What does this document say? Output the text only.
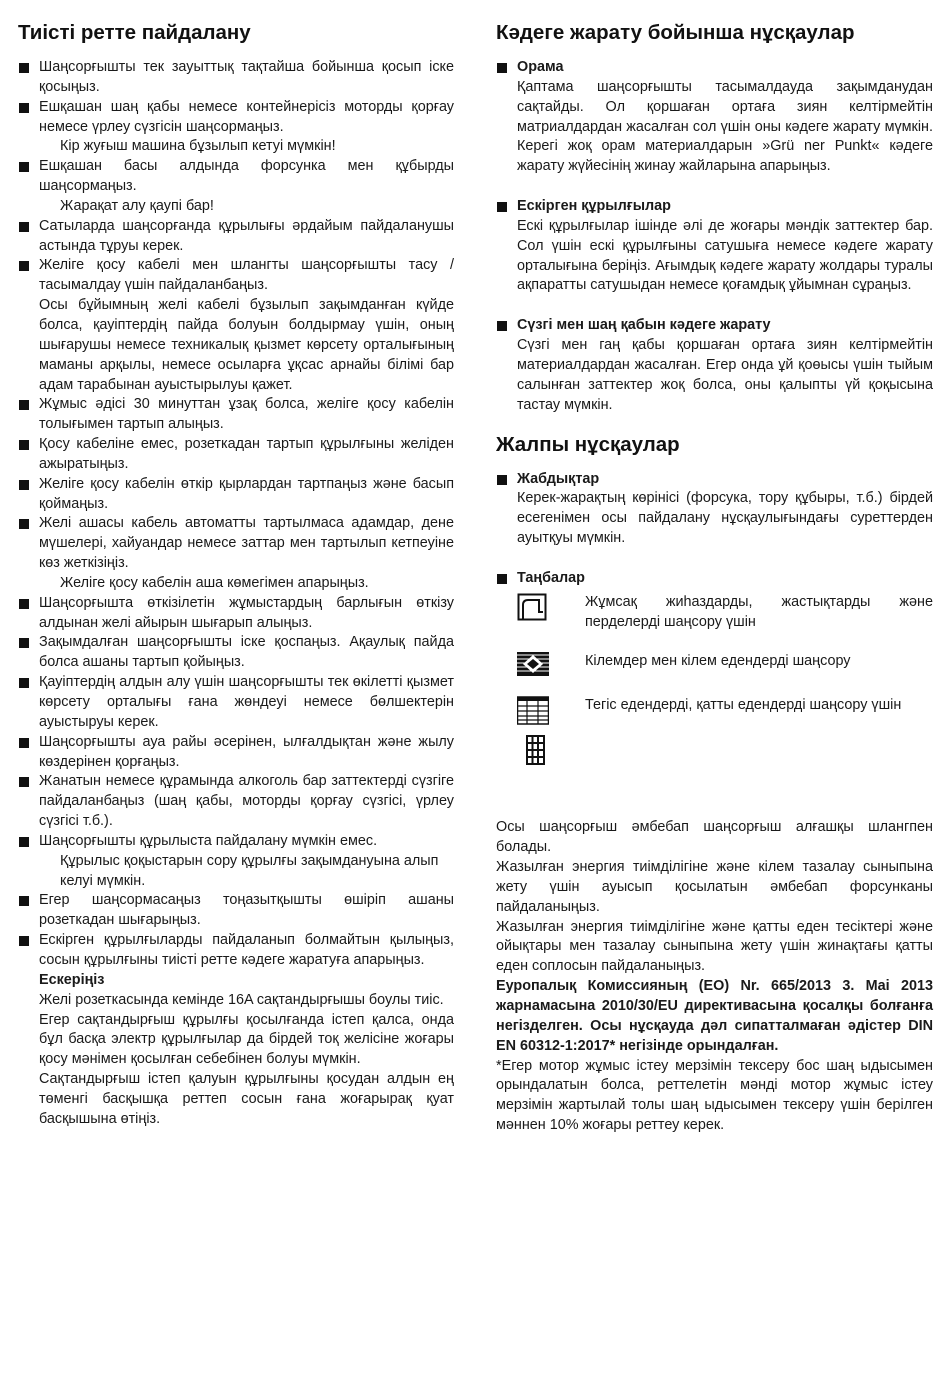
Тиісті ретте пайдалану

Шаңсорғышты тек зауыттық тақтайша бойынша қосып іске қосыңыз.

Ешқашан шаң қабы немесе контейнерісіз моторды қорғау немесе үрлеу сүзгісін шаңсормаңыз.

Кір жуғыш машина бұзылып кетуі мүмкін!

Ешқашан басы алдында форсунка мен құбырды шаңсормаңыз.

Жарақат алу қаупі бар!

Сатыларда шаңсорғанда құрылығы әрдайым пайдаланушы астында тұруы керек.

Желіге қосу кабелі мен шлангты шаңсорғышты тасу / тасымалдау үшін пайдаланбаңыз.

Осы бұйымның желі кабелі бұзылып зақымданған күйде болса, қауіптердің пайда болуын болдырмау үшін, оның шығарушы немесе техникалық қызмет көрсету орталығының маманы арқылы, немесе осыларға ұқсас арнайы білімі бар адам тарабынан ауыстырылуы қажет.

Жұмыс әдісі 30 минуттан ұзақ болса, желіге қосу кабелін толығымен тартып алыңыз.

Қосу кабеліне емес, розеткадан тартып құрылғыны желіден ажыратыңыз.

Желіге қосу кабелін өткір қырлардан тартпаңыз және басып қоймаңыз.

Желі ашасы кабель автоматты тартылмаса адамдар, дене мүшелері, хайуандар немесе заттар мен тартылып кетпеуіне көз жеткізіңіз.

Желіге қосу кабелін аша көмегімен апарыңыз.

Шаңсорғышта өткізілетін жұмыстардың барлығын өткізу алдынан желі айырын шығарып алыңыз.

Зақымдалған шаңсорғышты іске қоспаңыз. Ақаулық пайда болса ашаны тартып қойыңыз.

Қауіптердің алдын алу үшін шаңсорғышты тек өкілетті қызмет көрсету орталығы ғана жөндеуі немесе бөлшектерін ауыстыруы керек.

Шаңсорғышты ауа райы әсерінен, ылғалдықтан және жылу көздерінен қорғаңыз.

Жанатын немесе құрамында алкоголь бар заттектерді сүзгіге пайдаланбаңыз (шаң қабы, моторды қорғау сүзгісі, үрлеу сүзгісі т.б.).

Шаңсорғышты құрылыста пайдалану мүмкін емес.

Құрылыс қоқыстарын сору құрылғы зақымдануына алып келуі мүмкін.

Егер шаңсормасаңыз тоңазытқышты өшіріп ашаны розеткадан шығарыңыз.

Ескірген құрылғыларды пайдаланып болмайтын қылыңыз, сосын құрылғыны тиісті ретте кәдеге жаратуға апарыңыз.

Ескеріңіз

Желі розеткасында кемінде 16A сақтандырғышы боулы тиіс.

Егер сақтандырғыш құрылғы қосылғанда істеп қалса, онда бұл басқа электр құрылғылар да бірдей тоқ желісіне жоғары қосу мәнімен қосылған себебінен болуы мүмкін.

Сақтандырғыш істеп қалуын құрылғыны қосудан алдын ең төменгі басқышқа реттеп сосын ғана жоғарырақ қуат басқышына өтіңіз.

Кәдеге жарату бойынша нұсқаулар
Орама

Қаптама шаңсорғышты тасымалдауда зақымданудан сақтайды. Ол қоршаған ортаға зиян келтірмейтін матриалдардан жасалған сол үшін оны кәдеге жарату мүмкін. Керегі жоқ орам материалдарын »Grü ner Punkt« кәдеге жарату жүйесінің жинау жайларына апарыңыз.

Ескірген құрылғылар

Ескі құрылғылар ішінде әлі де жоғары мәндік заттектер бар. Сол үшін ескі құрылғыны сатушыға немесе кәдеге жарату орталығына беріңіз. Ағымдық кәдеге жарату жолдары туралы ақпаратты сатушыдан немесе қоғамдық ұйымнан сұраңыз.

Сүзгі мен шаң қабын кәдеге жарату

Сүзгі мен гаң қабы қоршаған ортаға зиян келтірмейтін материалдардан жасалған. Егер онда ұй қоөысы үшін тыйым салынған заттектер жоқ болса, оны қалыпты үй қоқысына тастау мүмкін.

Жалпы нұсқаулар
Жабдықтар

Керек-жарақтың көрінісі (форсука, тору құбыры, т.б.) бірдей есегенімен осы пайдалану нұсқаулығындағы суреттерден ауытқуы мүмкін.

Таңбалар
Жұмсақ жиһаздарды, жастықтарды және перделерді шаңсору үшін
Кілемдер мен кілем едендерді шаңсору
Тегіс едендерді, қатты едендерді шаңсору үшін

Осы шаңсорғыш әмбебап шаңсорғыш алғашқы шлангпен болады.

Жазылған энергия тиімділігіне және кілем тазалау сыныпына жету үшін ауысып қосылатын әмбебап форсунканы пайдаланыңыз.

Жазылған энергия тиімділігіне және қатты еден тесіктері және ойықтары мен тазалау сыныпына жету үшін жинақтағы қатты еден соплосын пайдаланыңыз.

Еуропалық Комиссияның (ЕО) Nr. 665/2013 3. Mai 2013 жарнамасына 2010/30/EU директивасына қосалқы болғанға негізделген. Осы нұсқауда дәл сипатталмаған әдістер DIN EN 60312-1:2017* негізінде орындалған.

*Егер мотор жұмыс істеу мерзімін тексеру бос шаң ыдысымен орындалатын болса, реттелетін мәнді мотор жұмыс істеу мерзімін жартылай толы шаң ыдысымен тексеру үшін берілген мәннен 10% жоғары реттеу керек.
